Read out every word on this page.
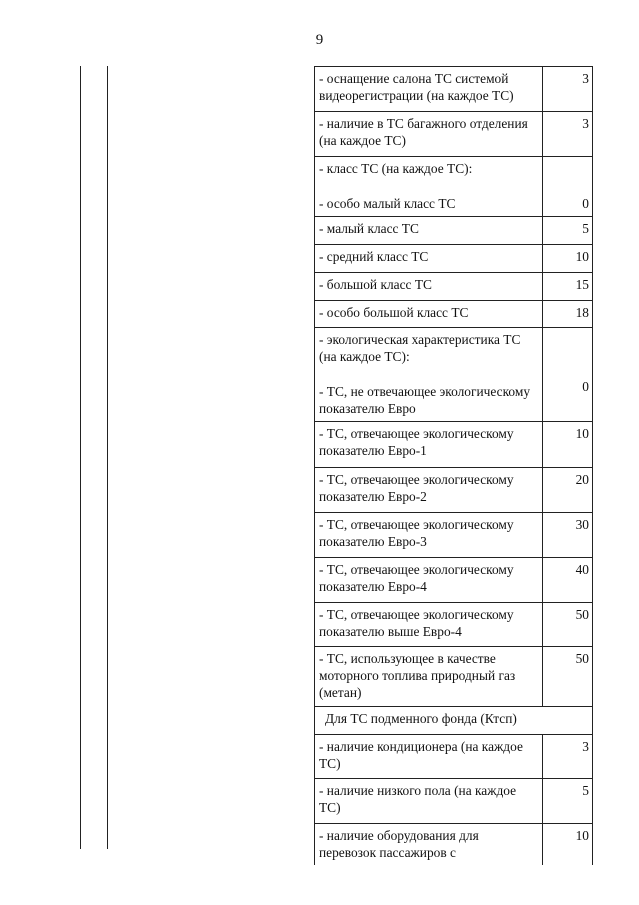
9
- оснащение салона ТС системой видеорегистрации (на каждое ТС)	3
- наличие в ТС багажного отделения (на каждое ТС)	3

- класс ТС (на каждое ТС):
- особо малый класс ТС	0
- малый класс ТС	5
- средний класс ТС	10
- большой класс ТС	15
- особо большой класс ТС	18

- экологическая характеристика ТС (на каждое ТС):
- ТС, не отвечающее экологическому показателю Евро	0
- ТС, отвечающее экологическому показателю Евро-1	10
- ТС, отвечающее экологическому показателю Евро-2	20
- ТС, отвечающее экологическому показателю Евро-3	30
- ТС, отвечающее экологическому показателю Евро-4	40
- ТС, отвечающее экологическому показателю выше Евро-4	50
- ТС, использующее в качестве моторного топлива природный газ (метан)	50
Для ТС подменного фонда (Ктсп)	
- наличие кондиционера (на каждое ТС)	3
- наличие низкого пола (на каждое ТС)	5
- наличие оборудования для перевозок пассажиров с	10
